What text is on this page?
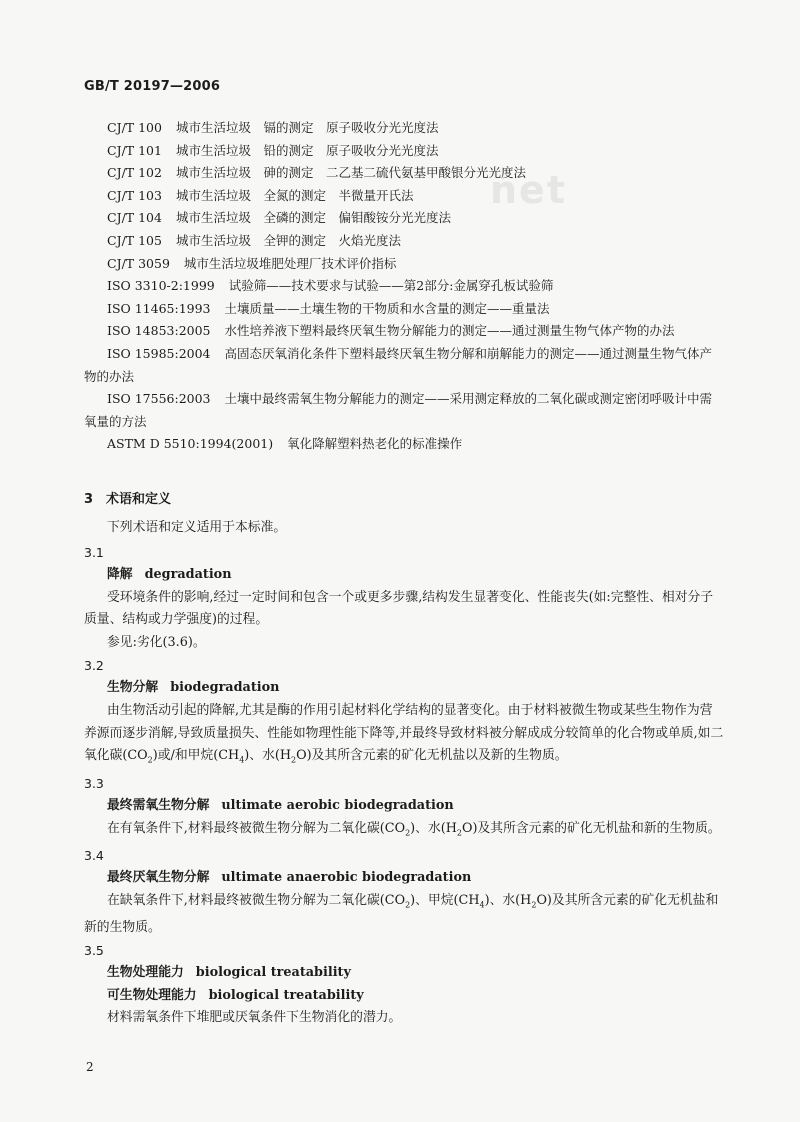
net
GB/T 20197—2006
CJ/T 100 城市生活垃圾　镉的测定　原子吸收分光光度法
CJ/T 101 城市生活垃圾　铅的测定　原子吸收分光光度法
CJ/T 102 城市生活垃圾　砷的测定　二乙基二硫代氨基甲酸银分光光度法
CJ/T 103 城市生活垃圾　全氮的测定　半微量开氏法
CJ/T 104 城市生活垃圾　全磷的测定　偏钼酸铵分光光度法
CJ/T 105 城市生活垃圾　全钾的测定　火焰光度法
CJ/T 3059 城市生活垃圾堆肥处理厂技术评价指标
ISO 3310-2:1999 试验筛——技术要求与试验——第2部分:金属穿孔板试验筛
ISO 11465:1993 土壤质量——土壤生物的干物质和水含量的测定——重量法
ISO 14853:2005 水性培养液下塑料最终厌氧生物分解能力的测定——通过测量生物气体产物的办法
ISO 15985:2004 高固态厌氧消化条件下塑料最终厌氧生物分解和崩解能力的测定——通过测量生物气体产物的办法
ISO 17556:2003 土壤中最终需氧生物分解能力的测定——采用测定释放的二氧化碳或测定密闭呼吸计中需氧量的方法
ASTM D 5510:1994(2001) 氧化降解塑料热老化的标准操作
3　术语和定义

下列术语和定义适用于本标准。

3.1
降解 degradation

受环境条件的影响,经过一定时间和包含一个或更多步骤,结构发生显著变化、性能丧失(如:完整性、相对分子质量、结构或力学强度)的过程。

参见:劣化(3.6)。

3.2
生物分解 biodegradation

由生物活动引起的降解,尤其是酶的作用引起材料化学结构的显著变化。由于材料被微生物或某些生物作为营养源而逐步消解,导致质量损失、性能如物理性能下降等,并最终导致材料被分解成成分较简单的化合物或单质,如二氧化碳$(CO_2)$或/和甲烷$(CH_4)$、水$(H_2O)$及其所含元素的矿化无机盐以及新的生物质。

3.3
最终需氧生物分解 ultimate aerobic biodegradation

在有氧条件下,材料最终被微生物分解为二氧化碳$(CO_2)$、水$(H_2O)$及其所含元素的矿化无机盐和新的生物质。

3.4
最终厌氧生物分解 ultimate anaerobic biodegradation

在缺氧条件下,材料最终被微生物分解为二氧化碳$(CO_2)$、甲烷$(CH_4)$、水$(H_2O)$及其所含元素的矿化无机盐和新的生物质。

3.5
生物处理能力 biological treatability
可生物处理能力 biological treatability

材料需氧条件下堆肥或厌氧条件下生物消化的潜力。

2
